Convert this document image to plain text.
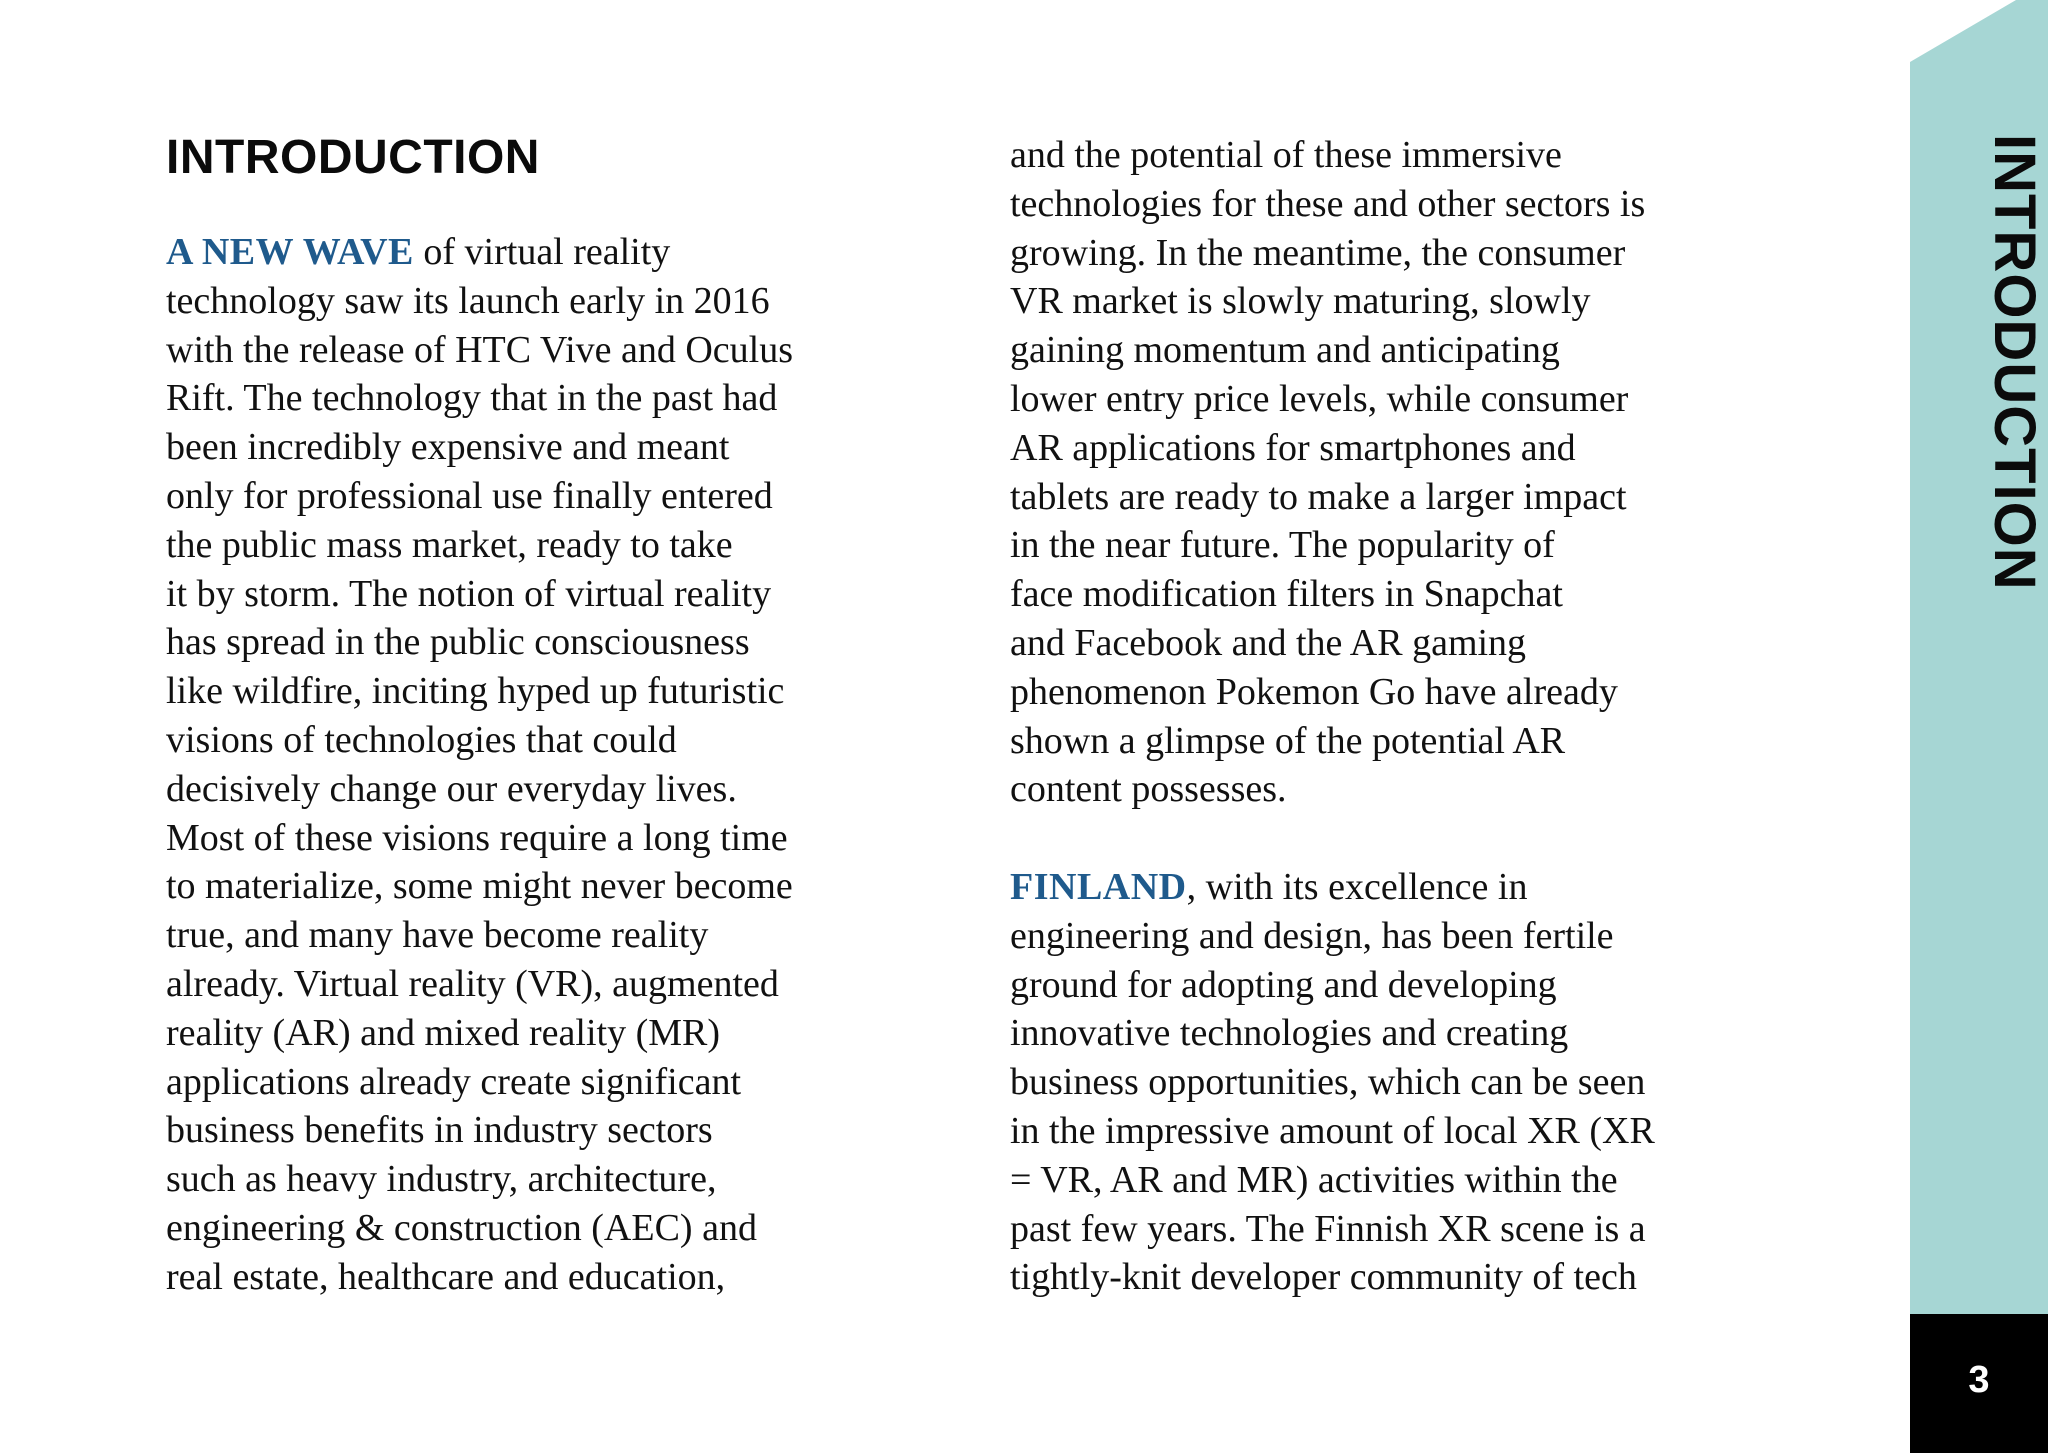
INTRODUCTION
A NEW WAVE of virtual reality
technology saw its launch early in 2016
with the release of HTC Vive and Oculus
Rift. The technology that in the past had
been incredibly expensive and meant
only for professional use finally entered
the public mass market, ready to take
it by storm. The notion of virtual reality
has spread in the public consciousness
like wildfire, inciting hyped up futuristic
visions of technologies that could
decisively change our everyday lives.
Most of these visions require a long time
to materialize, some might never become
true, and many have become reality
already. Virtual reality (VR), augmented
reality (AR) and mixed reality (MR)
applications already create significant
business benefits in industry sectors
such as heavy industry, architecture,
engineering & construction (AEC) and
real estate, healthcare and education,
and the potential of these immersive
technologies for these and other sectors is
growing. In the meantime, the consumer
VR market is slowly maturing, slowly
gaining momentum and anticipating
lower entry price levels, while consumer
AR applications for smartphones and
tablets are ready to make a larger impact
in the near future. The popularity of
face modification filters in Snapchat
and Facebook and the AR gaming
phenomenon Pokemon Go have already
shown a glimpse of the potential AR
content possesses.
FINLAND, with its excellence in
engineering and design, has been fertile
ground for adopting and developing
innovative technologies and creating
business opportunities, which can be seen
in the impressive amount of local XR (XR
= VR, AR and MR) activities within the
past few years. The Finnish XR scene is a
tightly-knit developer community of tech
INTRODUCTION
3
